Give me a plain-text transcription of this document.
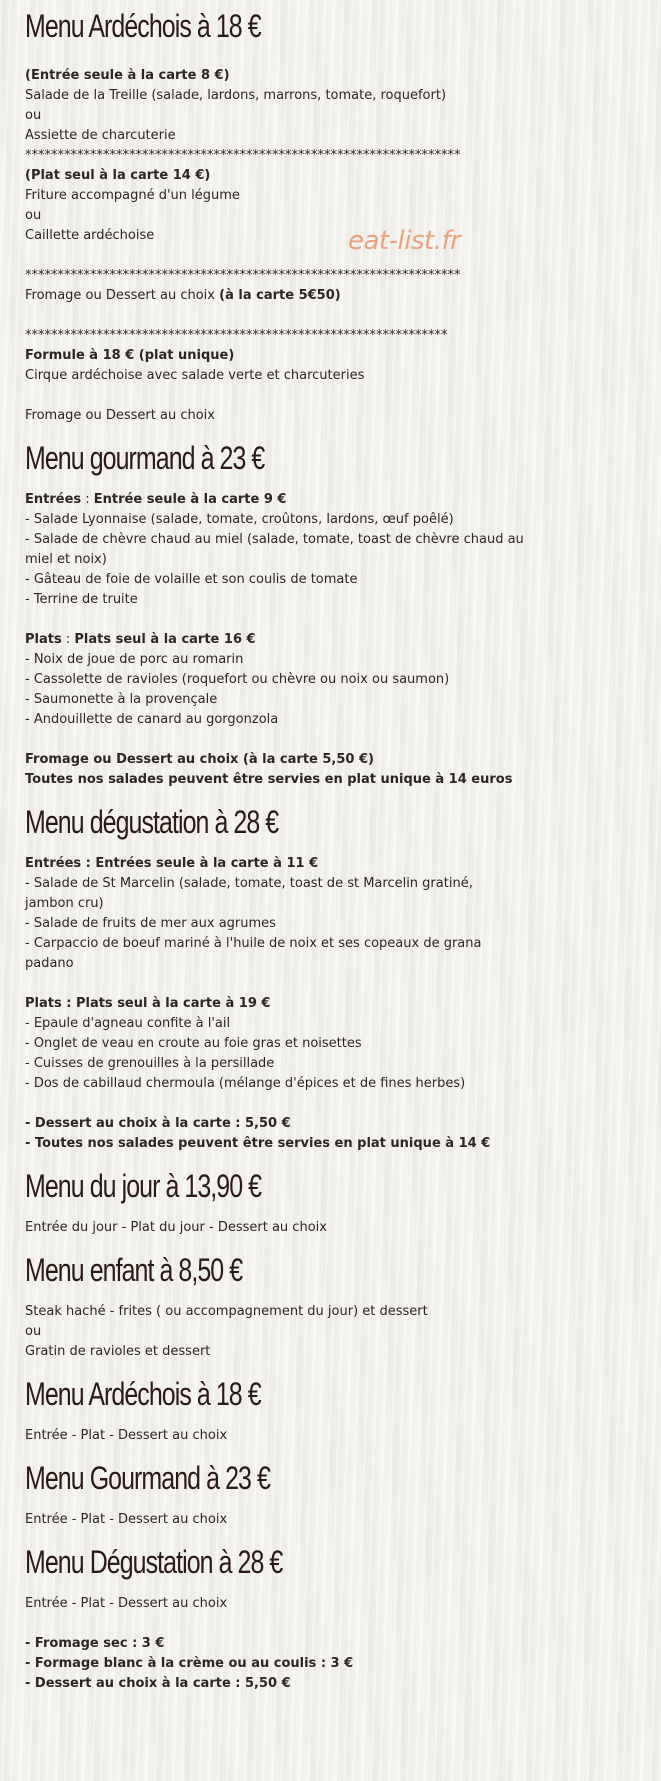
eat-list.fr
Menu Ardéchois à 18 €

(Entrée seule à la carte 8 €)

Salade de la Treille (salade, lardons, marrons, tomate, roquefort)

ou

Assiette de charcuterie

*******************************************************************

(Plat seul à la carte 14 €)

Friture accompagné d'un légume

ou

Caillette ardéchoise

*******************************************************************

Fromage ou Dessert au choix (à la carte 5€50)

*****************************************************************

Formule à 18 € (plat unique)

Cirque ardéchoise avec salade verte et charcuteries

Fromage ou Dessert au choix

Menu gourmand à 23 €

Entrées : Entrée seule à la carte 9 €

- Salade Lyonnaise (salade, tomate, croûtons, lardons, œuf poêlé)

- Salade de chèvre chaud au miel (salade, tomate, toast de chèvre chaud au miel et noix)

- Gâteau de foie de volaille et son coulis de tomate

- Terrine de truite

Plats : Plats seul à la carte 16 €

- Noix de joue de porc au romarin

- Cassolette de ravioles (roquefort ou chèvre ou noix ou saumon)

- Saumonette à la provençale

- Andouillette de canard au gorgonzola

Fromage ou Dessert au choix (à la carte 5,50 €)

Toutes nos salades peuvent être servies en plat unique à 14 euros

Menu dégustation à 28 €

Entrées : Entrées seule à la carte à 11 €

- Salade de St Marcelin (salade, tomate, toast de st Marcelin gratiné, jambon cru)

- Salade de fruits de mer aux agrumes

- Carpaccio de boeuf mariné à l'huile de noix et ses copeaux de grana padano

Plats : Plats seul à la carte à 19 €

- Epaule d'agneau confite à l'ail

- Onglet de veau en croute au foie gras et noisettes

- Cuisses de grenouilles à la persillade

- Dos de cabillaud chermoula (mélange d'épices et de fines herbes)

- Dessert au choix à la carte : 5,50 €

- Toutes nos salades peuvent être servies en plat unique à 14 €

Menu du jour à 13,90 €

Entrée du jour - Plat du jour - Dessert au choix

Menu enfant à 8,50 €

Steak haché - frites ( ou accompagnement du jour) et dessert

ou

Gratin de ravioles et dessert

Menu Ardéchois à 18 €

Entrée - Plat - Dessert au choix

Menu Gourmand à 23 €

Entrée - Plat - Dessert au choix

Menu Dégustation à 28 €

Entrée - Plat - Dessert au choix

- Fromage sec : 3 €

- Formage blanc à la crème ou au coulis : 3 €

- Dessert au choix à la carte : 5,50 €
